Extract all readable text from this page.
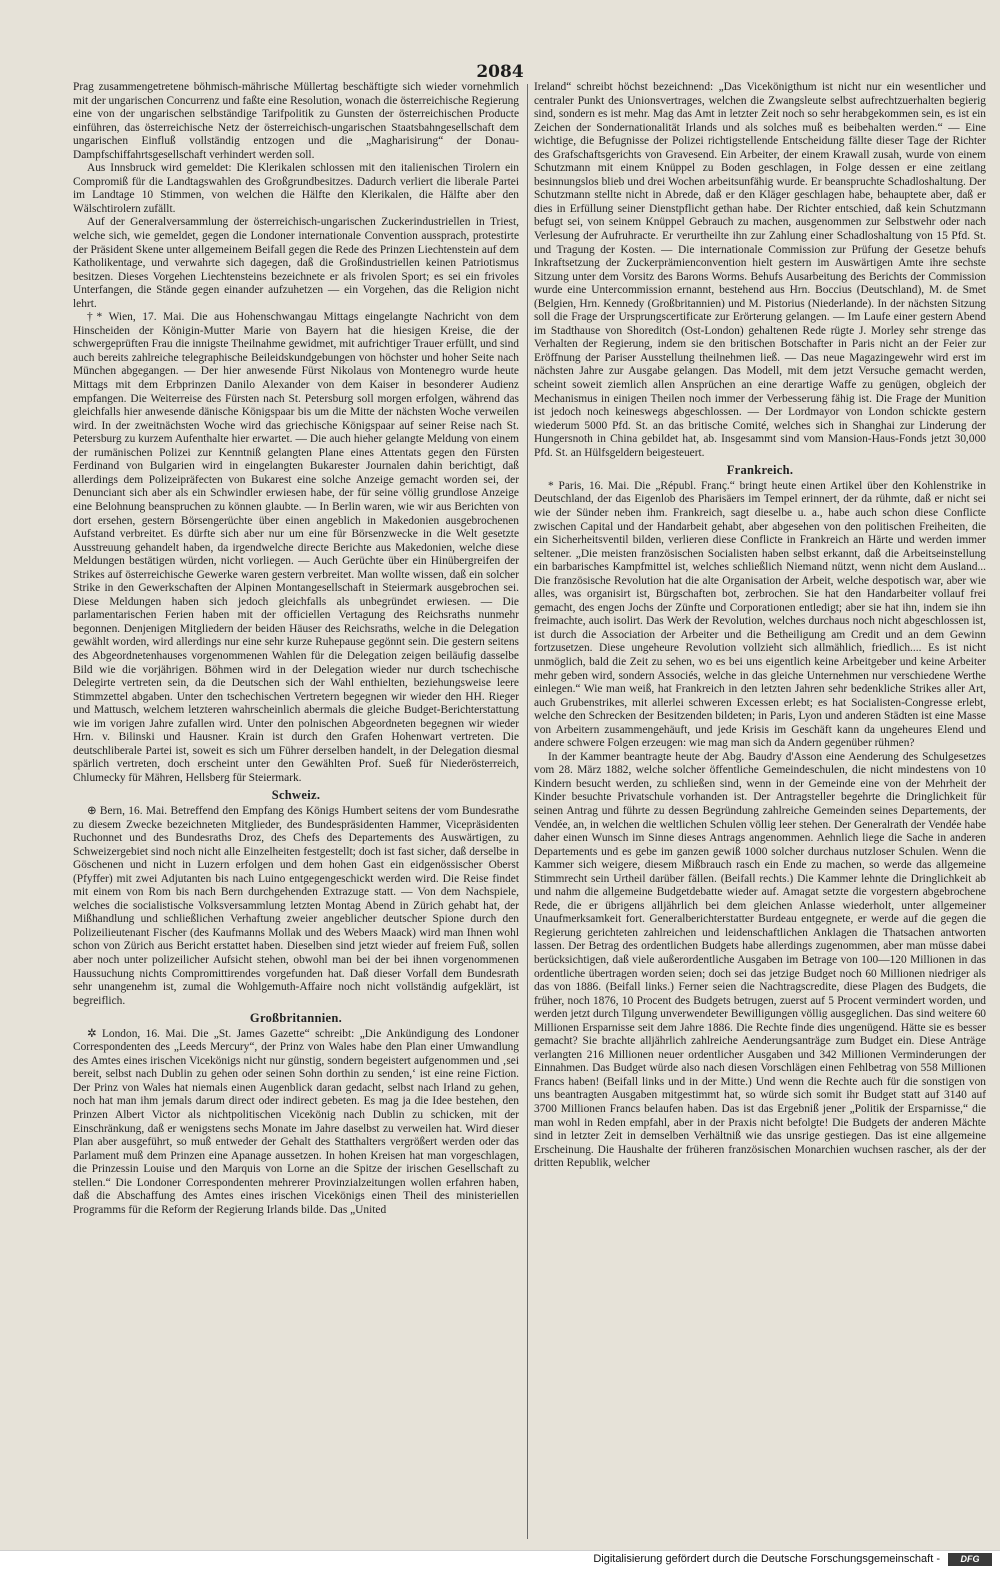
2084

Prag zusammengetretene böhmisch-mährische Müllertag beschäftigte sich wieder vornehmlich mit der ungarischen Concurrenz und faßte eine Resolution, wonach die österreichische Regierung eine von der ungarischen selbständige Tarifpolitik zu Gunsten der österreichischen Producte einführen, das österreichische Netz der österreichisch-ungarischen Staatsbahngesellschaft dem ungarischen Einfluß vollständig entzogen und die „Magharisirung“ der Donau-Dampfschiffahrtsgesellschaft verhindert werden soll.

Aus Innsbruck wird gemeldet: Die Klerikalen schlossen mit den italienischen Tirolern ein Compromiß für die Landtagswahlen des Großgrundbesitzes. Dadurch verliert die liberale Partei im Landtage 10 Stimmen, von welchen die Hälfte den Klerikalen, die Hälfte aber den Wälschtirolern zufällt.

Auf der Generalversammlung der österreichisch-ungarischen Zuckerindustriellen in Triest, welche sich, wie gemeldet, gegen die Londoner internationale Convention aussprach, protestirte der Präsident Skene unter allgemeinem Beifall gegen die Rede des Prinzen Liechtenstein auf dem Katholikentage, und verwahrte sich dagegen, daß die Großindustriellen keinen Patriotismus besitzen. Dieses Vorgehen Liechtensteins bezeichnete er als frivolen Sport; es sei ein frivoles Unterfangen, die Stände gegen einander aufzuhetzen — ein Vorgehen, das die Religion nicht lehrt.

†* Wien, 17. Mai. Die aus Hohenschwangau Mittags eingelangte Nachricht von dem Hinscheiden der Königin-Mutter Marie von Bayern hat die hiesigen Kreise, die der schwergeprüften Frau die innigste Theilnahme gewidmet, mit aufrichtiger Trauer erfüllt, und sind auch bereits zahlreiche telegraphische Beileidskundgebungen von höchster und hoher Seite nach München abgegangen. — Der hier anwesende Fürst Nikolaus von Montenegro wurde heute Mittags mit dem Erbprinzen Danilo Alexander von dem Kaiser in besonderer Audienz empfangen. Die Weiterreise des Fürsten nach St. Petersburg soll morgen erfolgen, während das gleichfalls hier anwesende dänische Königspaar bis um die Mitte der nächsten Woche verweilen wird. In der zweitnächsten Woche wird das griechische Königspaar auf seiner Reise nach St. Petersburg zu kurzem Aufenthalte hier erwartet. — Die auch hieher gelangte Meldung von einem der rumänischen Polizei zur Kenntniß gelangten Plane eines Attentats gegen den Fürsten Ferdinand von Bulgarien wird in eingelangten Bukarester Journalen dahin berichtigt, daß allerdings dem Polizeipräfecten von Bukarest eine solche Anzeige gemacht worden sei, der Denunciant sich aber als ein Schwindler erwiesen habe, der für seine völlig grundlose Anzeige eine Belohnung beanspruchen zu können glaubte. — In Berlin waren, wie wir aus Berichten von dort ersehen, gestern Börsengerüchte über einen angeblich in Makedonien ausgebrochenen Aufstand verbreitet. Es dürfte sich aber nur um eine für Börsenzwecke in die Welt gesetzte Ausstreuung gehandelt haben, da irgendwelche directe Berichte aus Makedonien, welche diese Meldungen bestätigen würden, nicht vorliegen. — Auch Gerüchte über ein Hinübergreifen der Strikes auf österreichische Gewerke waren gestern verbreitet. Man wollte wissen, daß ein solcher Strike in den Gewerkschaften der Alpinen Montangesellschaft in Steiermark ausgebrochen sei. Diese Meldungen haben sich jedoch gleichfalls als unbegründet erwiesen. — Die parlamentarischen Ferien haben mit der officiellen Vertagung des Reichsraths nunmehr begonnen. Denjenigen Mitgliedern der beiden Häuser des Reichsraths, welche in die Delegation gewählt worden, wird allerdings nur eine sehr kurze Ruhepause gegönnt sein. Die gestern seitens des Abgeordnetenhauses vorgenommenen Wahlen für die Delegation zeigen beiläufig dasselbe Bild wie die vorjährigen. Böhmen wird in der Delegation wieder nur durch tschechische Delegirte vertreten sein, da die Deutschen sich der Wahl enthielten, beziehungsweise leere Stimmzettel abgaben. Unter den tschechischen Vertretern begegnen wir wieder den HH. Rieger und Mattusch, welchem letzteren wahrscheinlich abermals die gleiche Budget-Berichterstattung wie im vorigen Jahre zufallen wird. Unter den polnischen Abgeordneten begegnen wir wieder Hrn. v. Bilinski und Hausner. Krain ist durch den Grafen Hohenwart vertreten. Die deutschliberale Partei ist, soweit es sich um Führer derselben handelt, in der Delegation diesmal spärlich vertreten, doch erscheint unter den Gewählten Prof. Sueß für Niederösterreich, Chlumecky für Mähren, Hellsberg für Steiermark.

Schweiz.

⊕ Bern, 16. Mai. Betreffend den Empfang des Königs Humbert seitens der vom Bundesrathe zu diesem Zwecke bezeichneten Mitglieder, des Bundespräsidenten Hammer, Vicepräsidenten Ruchonnet und des Bundesraths Droz, des Chefs des Departements des Auswärtigen, zu Schweizergebiet sind noch nicht alle Einzelheiten festgestellt; doch ist fast sicher, daß derselbe in Göschenen und nicht in Luzern erfolgen und dem hohen Gast ein eidgenössischer Oberst (Pfyffer) mit zwei Adjutanten bis nach Luino entgegengeschickt werden wird. Die Reise findet mit einem von Rom bis nach Bern durchgehenden Extrazuge statt. — Von dem Nachspiele, welches die socialistische Volksversammlung letzten Montag Abend in Zürich gehabt hat, der Mißhandlung und schließlichen Verhaftung zweier angeblicher deutscher Spione durch den Polizeilieutenant Fischer (des Kaufmanns Mollak und des Webers Maack) wird man Ihnen wohl schon von Zürich aus Bericht erstattet haben. Dieselben sind jetzt wieder auf freiem Fuß, sollen aber noch unter polizeilicher Aufsicht stehen, obwohl man bei der bei ihnen vorgenommenen Haussuchung nichts Compromittirendes vorgefunden hat. Daß dieser Vorfall dem Bundesrath sehr unangenehm ist, zumal die Wohlgemuth-Affaire noch nicht vollständig aufgeklärt, ist begreiflich.

Großbritannien.

✲ London, 16. Mai. Die „St. James Gazette“ schreibt: „Die Ankündigung des Londoner Correspondenten des „Leeds Mercury“, der Prinz von Wales habe den Plan einer Umwandlung des Amtes eines irischen Vicekönigs nicht nur günstig, sondern begeistert aufgenommen und ‚sei bereit, selbst nach Dublin zu gehen oder seinen Sohn dorthin zu senden,‘ ist eine reine Fiction. Der Prinz von Wales hat niemals einen Augenblick daran gedacht, selbst nach Irland zu gehen, noch hat man ihm jemals darum direct oder indirect gebeten. Es mag ja die Idee bestehen, den Prinzen Albert Victor als nichtpolitischen Vicekönig nach Dublin zu schicken, mit der Einschränkung, daß er wenigstens sechs Monate im Jahre daselbst zu verweilen hat. Wird dieser Plan aber ausgeführt, so muß entweder der Gehalt des Statthalters vergrößert werden oder das Parlament muß dem Prinzen eine Apanage aussetzen. In hohen Kreisen hat man vorgeschlagen, die Prinzessin Louise und den Marquis von Lorne an die Spitze der irischen Gesellschaft zu stellen.“ Die Londoner Correspondenten mehrerer Provinzialzeitungen wollen erfahren haben, daß die Abschaffung des Amtes eines irischen Vicekönigs einen Theil des ministeriellen Programms für die Reform der Regierung Irlands bilde. Das „United

Ireland“ schreibt höchst bezeichnend: „Das Vicekönigthum ist nicht nur ein wesentlicher und centraler Punkt des Unionsvertrages, welchen die Zwangsleute selbst aufrechtzuerhalten begierig sind, sondern es ist mehr. Mag das Amt in letzter Zeit noch so sehr herabgekommen sein, es ist ein Zeichen der Sondernationalität Irlands und als solches muß es beibehalten werden.“ — Eine wichtige, die Befugnisse der Polizei richtigstellende Entscheidung fällte dieser Tage der Richter des Grafschaftsgerichts von Gravesend. Ein Arbeiter, der einem Krawall zusah, wurde von einem Schutzmann mit einem Knüppel zu Boden geschlagen, in Folge dessen er eine zeitlang besinnungslos blieb und drei Wochen arbeitsunfähig wurde. Er beanspruchte Schadloshaltung. Der Schutzmann stellte nicht in Abrede, daß er den Kläger geschlagen habe, behauptete aber, daß er dies in Erfüllung seiner Dienstpflicht gethan habe. Der Richter entschied, daß kein Schutzmann befugt sei, von seinem Knüppel Gebrauch zu machen, ausgenommen zur Selbstwehr oder nach Verlesung der Aufruhracte. Er verurtheilte ihn zur Zahlung einer Schadloshaltung von 15 Pfd. St. und Tragung der Kosten. — Die internationale Commission zur Prüfung der Gesetze behufs Inkraftsetzung der Zuckerprämienconvention hielt gestern im Auswärtigen Amte ihre sechste Sitzung unter dem Vorsitz des Barons Worms. Behufs Ausarbeitung des Berichts der Commission wurde eine Untercommission ernannt, bestehend aus Hrn. Boccius (Deutschland), M. de Smet (Belgien, Hrn. Kennedy (Großbritannien) und M. Pistorius (Niederlande). In der nächsten Sitzung soll die Frage der Ursprungscertificate zur Erörterung gelangen. — Im Laufe einer gestern Abend im Stadthause von Shoreditch (Ost-London) gehaltenen Rede rügte J. Morley sehr strenge das Verhalten der Regierung, indem sie den britischen Botschafter in Paris nicht an der Feier zur Eröffnung der Pariser Ausstellung theilnehmen ließ. — Das neue Magazingewehr wird erst im nächsten Jahre zur Ausgabe gelangen. Das Modell, mit dem jetzt Versuche gemacht werden, scheint soweit ziemlich allen Ansprüchen an eine derartige Waffe zu genügen, obgleich der Mechanismus in einigen Theilen noch immer der Verbesserung fähig ist. Die Frage der Munition ist jedoch noch keineswegs abgeschlossen. — Der Lordmayor von London schickte gestern wiederum 5000 Pfd. St. an das britische Comité, welches sich in Shanghai zur Linderung der Hungersnoth in China gebildet hat, ab. Insgesammt sind vom Mansion-Haus-Fonds jetzt 30,000 Pfd. St. an Hülfsgeldern beigesteuert.

Frankreich.

* Paris, 16. Mai. Die „Républ. Franç.“ bringt heute einen Artikel über den Kohlenstrike in Deutschland, der das Eigenlob des Pharisäers im Tempel erinnert, der da rühmte, daß er nicht sei wie der Sünder neben ihm. Frankreich, sagt dieselbe u. a., habe auch schon diese Conflicte zwischen Capital und der Handarbeit gehabt, aber abgesehen von den politischen Freiheiten, die ein Sicherheitsventil bilden, verlieren diese Conflicte in Frankreich an Härte und werden immer seltener. „Die meisten französischen Socialisten haben selbst erkannt, daß die Arbeitseinstellung ein barbarisches Kampfmittel ist, welches schließlich Niemand nützt, wenn nicht dem Ausland... Die französische Revolution hat die alte Organisation der Arbeit, welche despotisch war, aber wie alles, was organisirt ist, Bürgschaften bot, zerbrochen. Sie hat den Handarbeiter vollauf frei gemacht, des engen Jochs der Zünfte und Corporationen entledigt; aber sie hat ihn, indem sie ihn freimachte, auch isolirt. Das Werk der Revolution, welches durchaus noch nicht abgeschlossen ist, ist durch die Association der Arbeiter und die Betheiligung am Credit und an dem Gewinn fortzusetzen. Diese ungeheure Revolution vollzieht sich allmählich, friedlich.... Es ist nicht unmöglich, bald die Zeit zu sehen, wo es bei uns eigentlich keine Arbeitgeber und keine Arbeiter mehr geben wird, sondern Associés, welche in das gleiche Unternehmen nur verschiedene Werthe einlegen.“ Wie man weiß, hat Frankreich in den letzten Jahren sehr bedenkliche Strikes aller Art, auch Grubenstrikes, mit allerlei schweren Excessen erlebt; es hat Socialisten-Congresse erlebt, welche den Schrecken der Besitzenden bildeten; in Paris, Lyon und anderen Städten ist eine Masse von Arbeitern zusammengehäuft, und jede Krisis im Geschäft kann da ungeheures Elend und andere schwere Folgen erzeugen: wie mag man sich da Andern gegenüber rühmen?

In der Kammer beantragte heute der Abg. Baudry d'Asson eine Aenderung des Schulgesetzes vom 28. März 1882, welche solcher öffentliche Gemeindeschulen, die nicht mindestens von 10 Kindern besucht werden, zu schließen sind, wenn in der Gemeinde eine von der Mehrheit der Kinder besuchte Privatschule vorhanden ist. Der Antragsteller begehrte die Dringlichkeit für seinen Antrag und führte zu dessen Begründung zahlreiche Gemeinden seines Departements, der Vendée, an, in welchen die weltlichen Schulen völlig leer stehen. Der Generalrath der Vendée habe daher einen Wunsch im Sinne dieses Antrags angenommen. Aehnlich liege die Sache in anderen Departements und es gebe im ganzen gewiß 1000 solcher durchaus nutzloser Schulen. Wenn die Kammer sich weigere, diesem Mißbrauch rasch ein Ende zu machen, so werde das allgemeine Stimmrecht sein Urtheil darüber fällen. (Beifall rechts.) Die Kammer lehnte die Dringlichkeit ab und nahm die allgemeine Budgetdebatte wieder auf. Amagat setzte die vorgestern abgebrochene Rede, die er übrigens alljährlich bei dem gleichen Anlasse wiederholt, unter allgemeiner Unaufmerksamkeit fort. Generalberichterstatter Burdeau entgegnete, er werde auf die gegen die Regierung gerichteten zahlreichen und leidenschaftlichen Anklagen die Thatsachen antworten lassen. Der Betrag des ordentlichen Budgets habe allerdings zugenommen, aber man müsse dabei berücksichtigen, daß viele außerordentliche Ausgaben im Betrage von 100—120 Millionen in das ordentliche übertragen worden seien; doch sei das jetzige Budget noch 60 Millionen niedriger als das von 1886. (Beifall links.) Ferner seien die Nachtragscredite, diese Plagen des Budgets, die früher, noch 1876, 10 Procent des Budgets betrugen, zuerst auf 5 Procent vermindert worden, und werden jetzt durch Tilgung unverwendeter Bewilligungen völlig ausgeglichen. Das sind weitere 60 Millionen Ersparnisse seit dem Jahre 1886. Die Rechte finde dies ungenügend. Hätte sie es besser gemacht? Sie brachte alljährlich zahlreiche Aenderungsanträge zum Budget ein. Diese Anträge verlangten 216 Millionen neuer ordentlicher Ausgaben und 342 Millionen Verminderungen der Einnahmen. Das Budget würde also nach diesen Vorschlägen einen Fehlbetrag von 558 Millionen Francs haben! (Beifall links und in der Mitte.) Und wenn die Rechte auch für die sonstigen von uns beantragten Ausgaben mitgestimmt hat, so würde sich somit ihr Budget statt auf 3140 auf 3700 Millionen Francs belaufen haben. Das ist das Ergebniß jener „Politik der Ersparnisse,“ die man wohl in Reden empfahl, aber in der Praxis nicht befolgte! Die Budgets der anderen Mächte sind in letzter Zeit in demselben Verhältniß wie das unsrige gestiegen. Das ist eine allgemeine Erscheinung. Die Haushalte der früheren französischen Monarchien wuchsen rascher, als der der dritten Republik, welcher

Digitalisierung gefördert durch die Deutsche Forschungsgemeinschaft -	DFG
